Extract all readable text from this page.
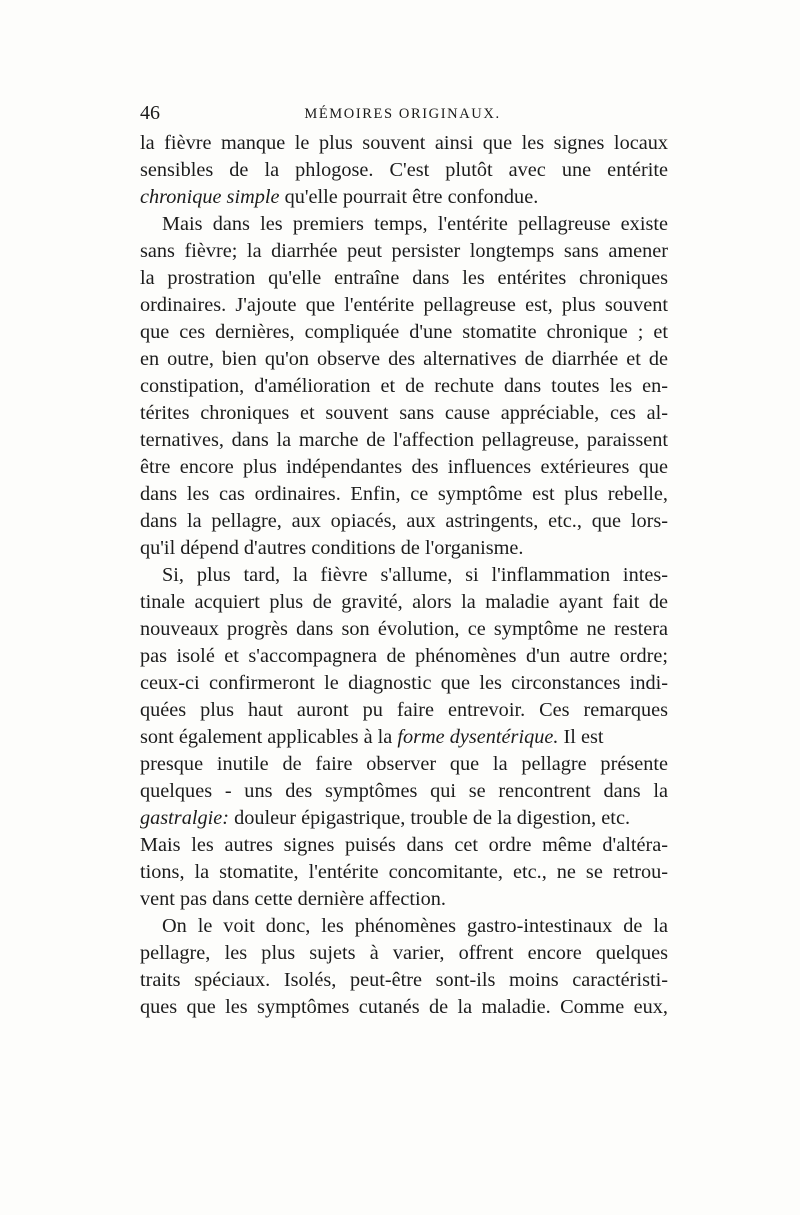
46	MÉMOIRES ORIGINAUX.
la fièvre manque le plus souvent ainsi que les signes locaux
sensibles de la phlogose. C'est plutôt avec une entérite
chronique simple qu'elle pourrait être confondue.
Mais dans les premiers temps, l'entérite pellagreuse existe
sans fièvre; la diarrhée peut persister longtemps sans amener
la prostration qu'elle entraîne dans les entérites chroniques
ordinaires. J'ajoute que l'entérite pellagreuse est, plus souvent
que ces dernières, compliquée d'une stomatite chronique ; et
en outre, bien qu'on observe des alternatives de diarrhée et de
constipation, d'amélioration et de rechute dans toutes les en-
térites chroniques et souvent sans cause appréciable, ces al-
ternatives, dans la marche de l'affection pellagreuse, paraissent
être encore plus indépendantes des influences extérieures que
dans les cas ordinaires. Enfin, ce symptôme est plus rebelle,
dans la pellagre, aux opiacés, aux astringents, etc., que lors-
qu'il dépend d'autres conditions de l'organisme.
Si, plus tard, la fièvre s'allume, si l'inflammation intes-
tinale acquiert plus de gravité, alors la maladie ayant fait de
nouveaux progrès dans son évolution, ce symptôme ne restera
pas isolé et s'accompagnera de phénomènes d'un autre ordre;
ceux-ci confirmeront le diagnostic que les circonstances indi-
quées plus haut auront pu faire entrevoir. Ces remarques
sont également applicables à la forme dysentérique. Il est
presque inutile de faire observer que la pellagre présente
quelques - uns des symptômes qui se rencontrent dans la
gastralgie: douleur épigastrique, trouble de la digestion, etc.
Mais les autres signes puisés dans cet ordre même d'altéra-
tions, la stomatite, l'entérite concomitante, etc., ne se retrou-
vent pas dans cette dernière affection.
On le voit donc, les phénomènes gastro-intestinaux de la
pellagre, les plus sujets à varier, offrent encore quelques
traits spéciaux. Isolés, peut-être sont-ils moins caractéristi-
ques que les symptômes cutanés de la maladie. Comme eux,
